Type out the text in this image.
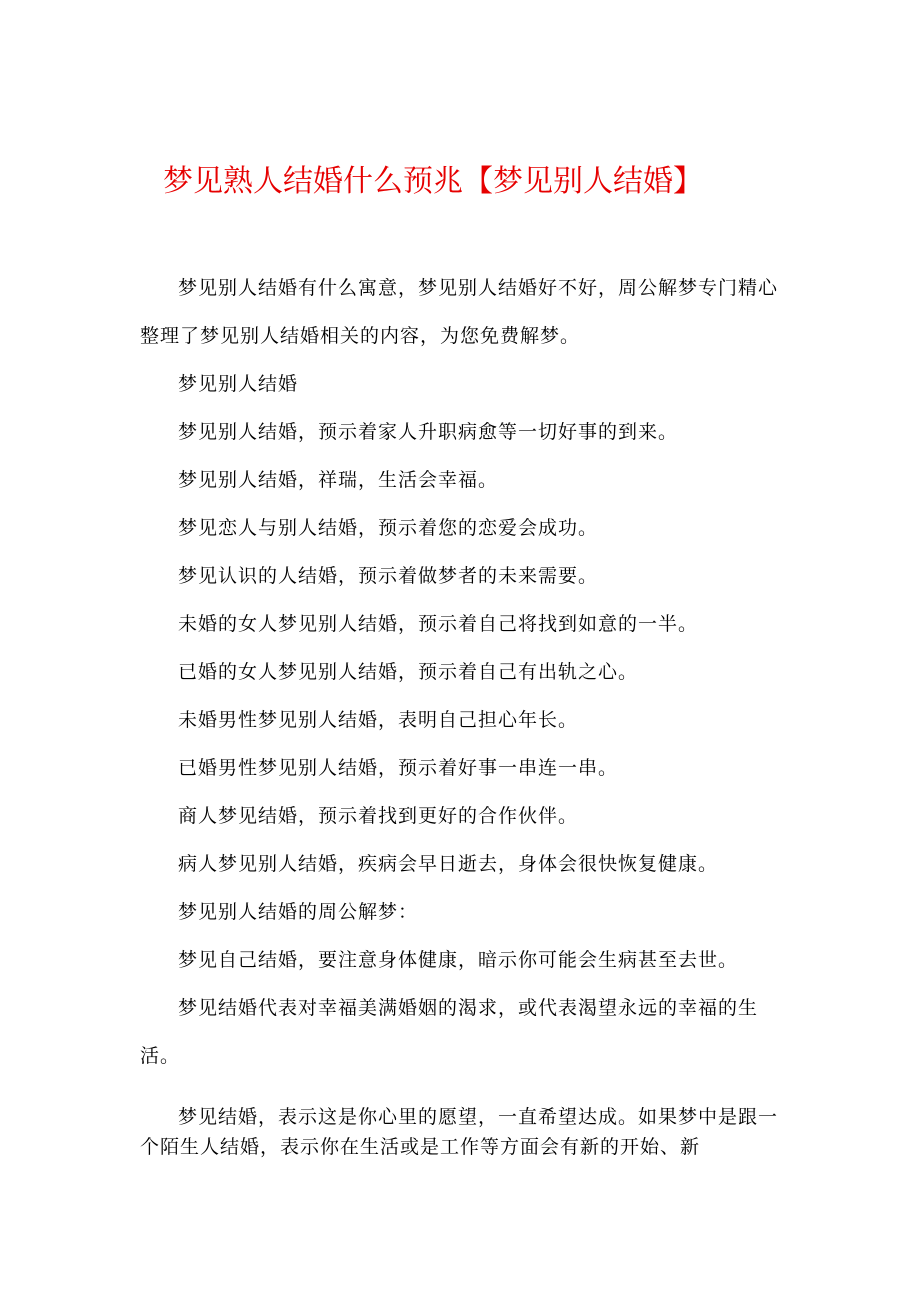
梦见熟人结婚什么预兆【梦见别人结婚】

梦见别人结婚有什么寓意，梦见别人结婚好不好，周公解梦专门精心整理了梦见别人结婚相关的内容，为您免费解梦。

梦见别人结婚

梦见别人结婚，预示着家人升职病愈等一切好事的到来。

梦见别人结婚，祥瑞，生活会幸福。

梦见恋人与别人结婚，预示着您的恋爱会成功。

梦见认识的人结婚，预示着做梦者的未来需要。

未婚的女人梦见别人结婚，预示着自己将找到如意的一半。

已婚的女人梦见别人结婚，预示着自己有出轨之心。

未婚男性梦见别人结婚，表明自己担心年长。

已婚男性梦见别人结婚，预示着好事一串连一串。

商人梦见结婚，预示着找到更好的合作伙伴。

病人梦见别人结婚，疾病会早日逝去，身体会很快恢复健康。

梦见别人结婚的周公解梦：

梦见自己结婚，要注意身体健康，暗示你可能会生病甚至去世。

梦见结婚代表对幸福美满婚姻的渴求，或代表渴望永远的幸福的生活。

梦见结婚，表示这是你心里的愿望，一直希望达成。如果梦中是跟一个陌生人结婚，表示你在生活或是工作等方面会有新的开始、新
